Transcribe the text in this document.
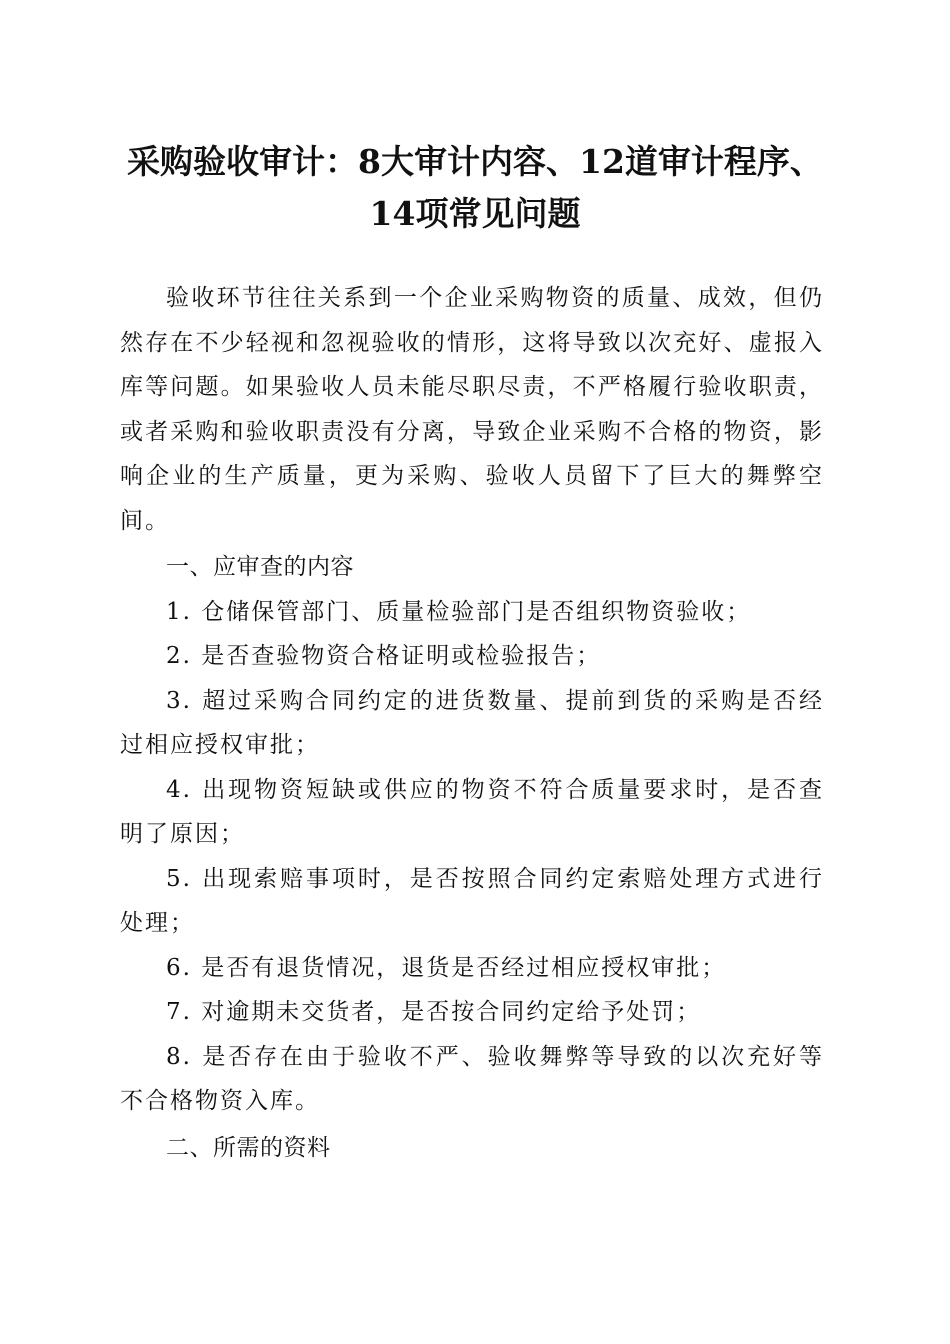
采购验收审计：8大审计内容、12道审计程序、
14项常见问题

验收环节往往关系到一个企业采购物资的质量、成效，但仍然存在不少轻视和忽视验收的情形，这将导致以次充好、虚报入库等问题。如果验收人员未能尽职尽责，不严格履行验收职责，或者采购和验收职责没有分离，导致企业采购不合格的物资，影响企业的生产质量，更为采购、验收人员留下了巨大的舞弊空间。

一、应审查的内容

1. 仓储保管部门、质量检验部门是否组织物资验收；

2. 是否查验物资合格证明或检验报告；

3. 超过采购合同约定的进货数量、提前到货的采购是否经过相应授权审批；

4. 出现物资短缺或供应的物资不符合质量要求时，是否查明了原因；

5. 出现索赔事项时，是否按照合同约定索赔处理方式进行处理；

6. 是否有退货情况，退货是否经过相应授权审批；

7. 对逾期未交货者，是否按合同约定给予处罚；

8. 是否存在由于验收不严、验收舞弊等导致的以次充好等不合格物资入库。

二、所需的资料
